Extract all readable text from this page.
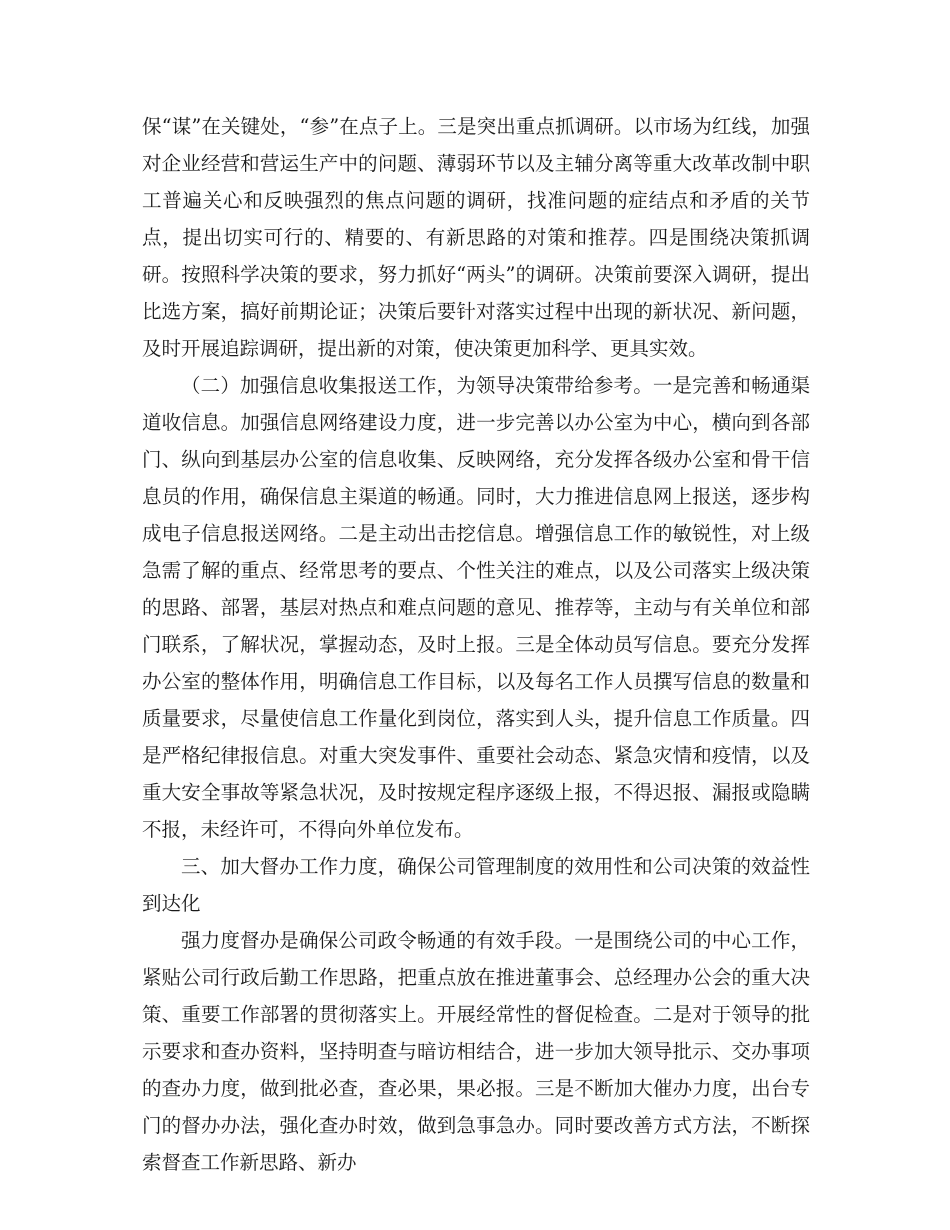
保“谋”在关键处，“参”在点子上。三是突出重点抓调研。以市场为红线，加强对企业经营和营运生产中的问题、薄弱环节以及主辅分离等重大改革改制中职工普遍关心和反映强烈的焦点问题的调研，找准问题的症结点和矛盾的关节点，提出切实可行的、精要的、有新思路的对策和推荐。四是围绕决策抓调研。按照科学决策的要求，努力抓好“两头”的调研。决策前要深入调研，提出比选方案，搞好前期论证；决策后要针对落实过程中出现的新状况、新问题，及时开展追踪调研，提出新的对策，使决策更加科学、更具实效。

（二）加强信息收集报送工作，为领导决策带给参考。一是完善和畅通渠道收信息。加强信息网络建设力度，进一步完善以办公室为中心，横向到各部门、纵向到基层办公室的信息收集、反映网络，充分发挥各级办公室和骨干信息员的作用，确保信息主渠道的畅通。同时，大力推进信息网上报送，逐步构成电子信息报送网络。二是主动出击挖信息。增强信息工作的敏锐性，对上级急需了解的重点、经常思考的要点、个性关注的难点，以及公司落实上级决策的思路、部署，基层对热点和难点问题的意见、推荐等，主动与有关单位和部门联系，了解状况，掌握动态，及时上报。三是全体动员写信息。要充分发挥办公室的整体作用，明确信息工作目标，以及每名工作人员撰写信息的数量和质量要求，尽量使信息工作量化到岗位，落实到人头，提升信息工作质量。四是严格纪律报信息。对重大突发事件、重要社会动态、紧急灾情和疫情，以及重大安全事故等紧急状况，及时按规定程序逐级上报，不得迟报、漏报或隐瞒不报，未经许可，不得向外单位发布。

三、加大督办工作力度，确保公司管理制度的效用性和公司决策的效益性到达化

强力度督办是确保公司政令畅通的有效手段。一是围绕公司的中心工作，紧贴公司行政后勤工作思路，把重点放在推进董事会、总经理办公会的重大决策、重要工作部署的贯彻落实上。开展经常性的督促检查。二是对于领导的批示要求和查办资料，坚持明查与暗访相结合，进一步加大领导批示、交办事项的查办力度，做到批必查，查必果，果必报。三是不断加大催办力度，出台专门的督办办法，强化查办时效，做到急事急办。同时要改善方式方法，不断探索督查工作新思路、新办
